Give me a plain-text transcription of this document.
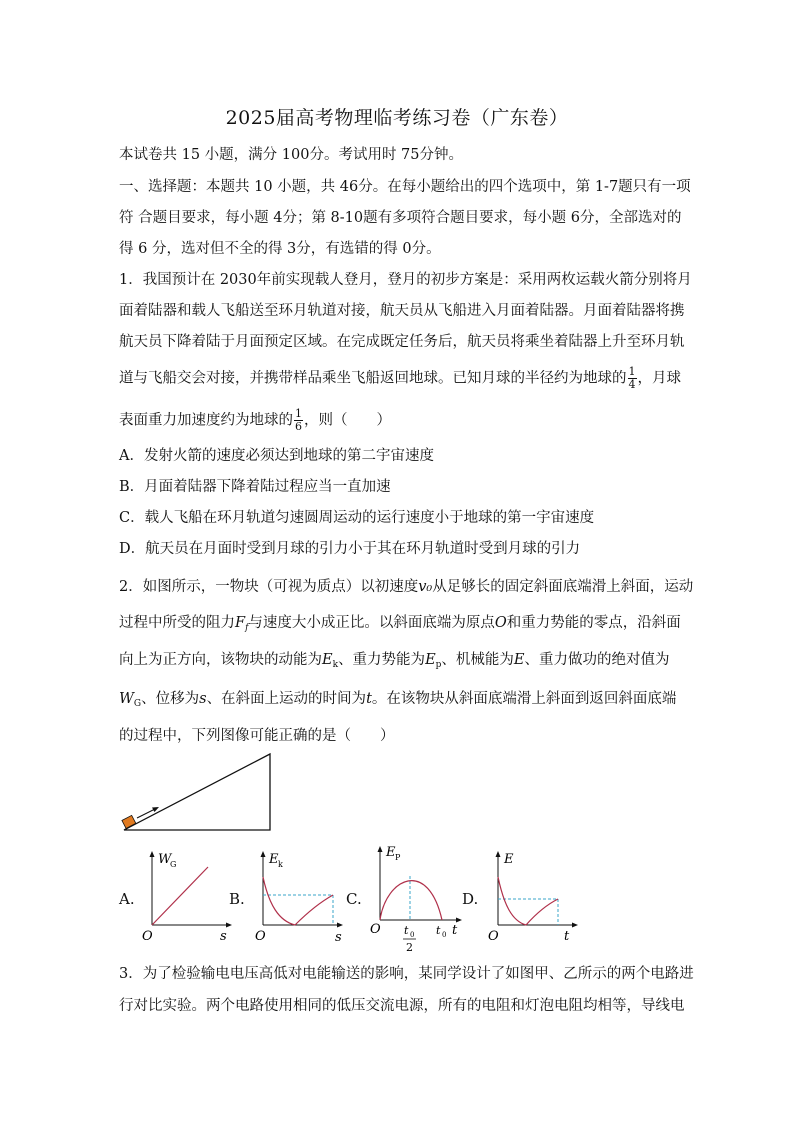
2025届高考物理临考练习卷（广东卷）
本试卷共 15 小题，满分 100分。考试用时 75分钟。
一、选择题：本题共 10 小题，共 46分。在每小题给出的四个选项中，第 1-7题只有一项
符 合题目要求，每小题 4分；第 8-10题有多项符合题目要求，每小题 6分，全部选对的
得 6 分，选对但不全的得 3分，有选错的得 0分。
1．我国预计在 2030年前实现载人登月，登月的初步方案是：采用两枚运载火箭分别将月
面着陆器和载人飞船送至环月轨道对接，航天员从飞船进入月面着陆器。月面着陆器将携
航天员下降着陆于月面预定区域。在完成既定任务后，航天员将乘坐着陆器上升至环月轨
道与飞船交会对接，并携带样品乘坐飞船返回地球。已知月球的半径约为地球的 $\frac{1}{4}$ ，月球
表面重力加速度约为地球的 $\frac{1}{6}$ ，则（　　）
A．发射火箭的速度必须达到地球的第二宇宙速度
B．月面着陆器下降着陆过程应当一直加速
C．载人飞船在环月轨道匀速圆周运动的运行速度小于地球的第一宇宙速度
D．航天员在月面时受到月球的引力小于其在环月轨道时受到月球的引力
2．如图所示，一物块（可视为质点）以初速度v₀从足够长的固定斜面底端滑上斜面，运动
过程中所受的阻力$F_f$与速度大小成正比。以斜面底端为原点O和重力势能的零点，沿斜面
向上为正方向，该物块的动能为$E_k$、重力势能为$E_p$、机械能为E、重力做功的绝对值为
$W_G$、位移为s、在斜面上运动的时间为t。在该物块从斜面底端滑上斜面到返回斜面底端
的过程中，下列图像可能正确的是（　　）
A.
W
G
O	s
B.
E k
O	s
C.
E P
O t 0
2
t 0 t
D.
E
O	t
3．为了检验输电电压高低对电能输送的影响，某同学设计了如图甲、乙所示的两个电路进
行对比实验。两个电路使用相同的低压交流电源，所有的电阻和灯泡电阻均相等，导线电
